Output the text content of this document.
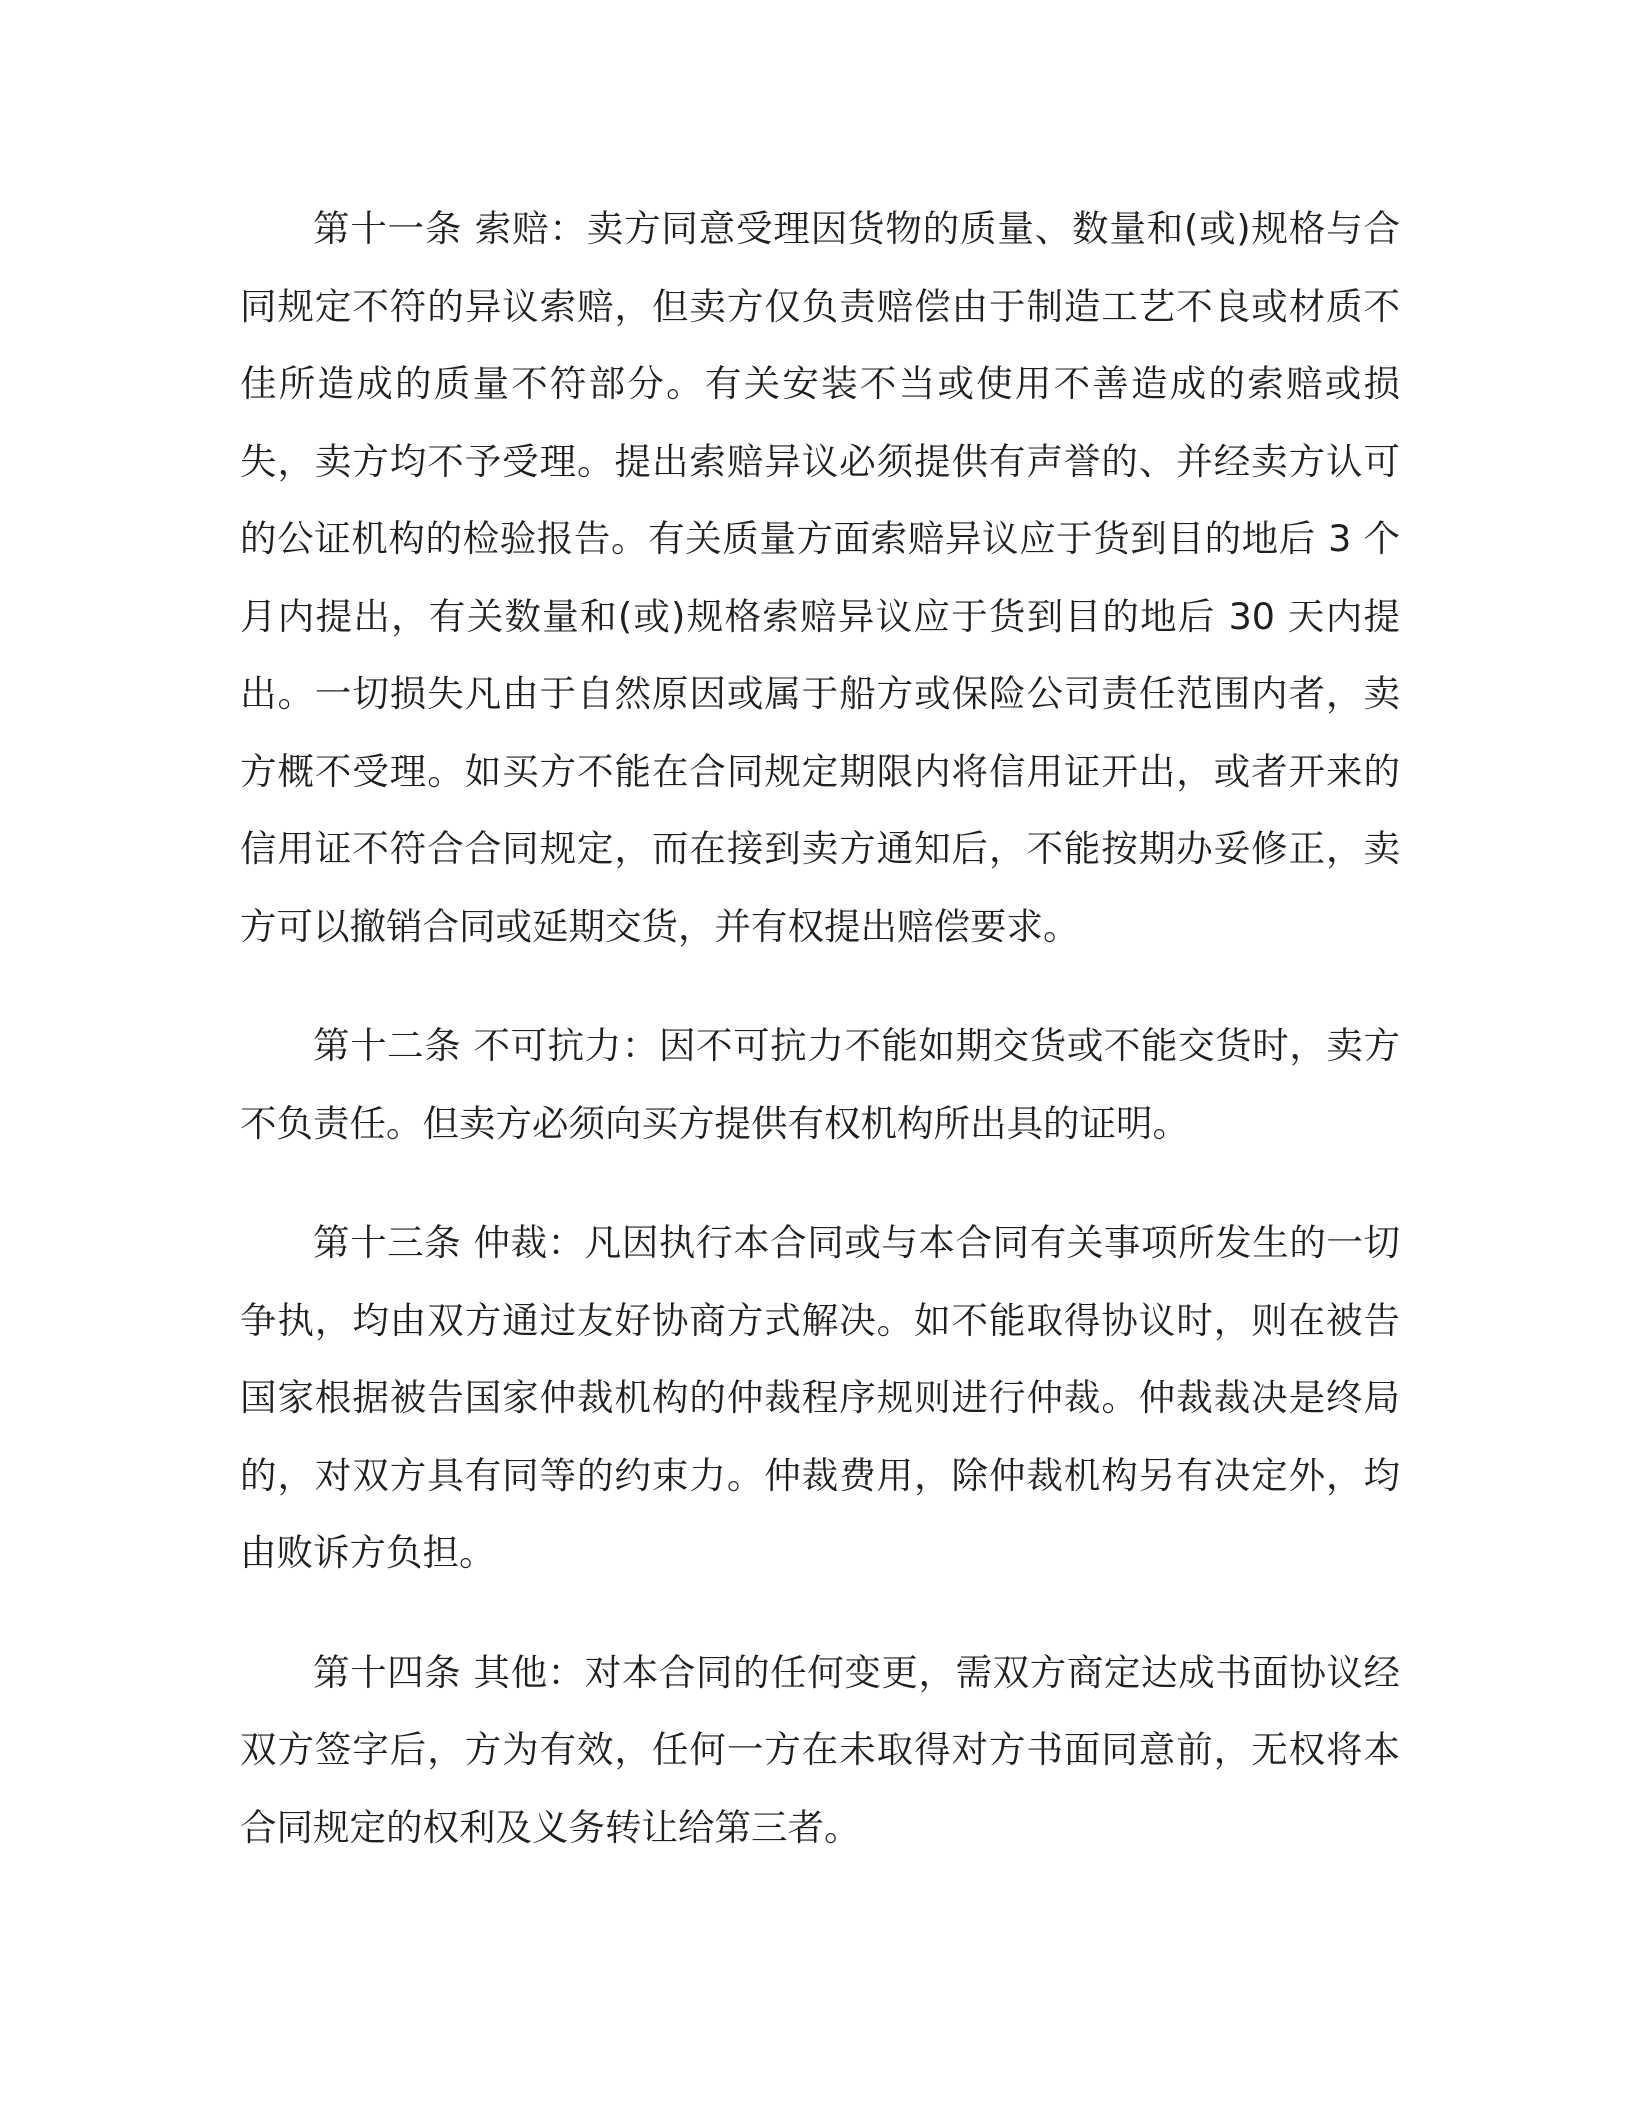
第十一条 索赔：卖方同意受理因货物的质量、数量和(或)规格与合同规定不符的异议索赔，但卖方仅负责赔偿由于制造工艺不良或材质不佳所造成的质量不符部分。有关安装不当或使用不善造成的索赔或损失，卖方均不予受理。提出索赔异议必须提供有声誉的、并经卖方认可的公证机构的检验报告。有关质量方面索赔异议应于货到目的地后 3 个月内提出，有关数量和(或)规格索赔异议应于货到目的地后 30 天内提出。一切损失凡由于自然原因或属于船方或保险公司责任范围内者，卖方概不受理。如买方不能在合同规定期限内将信用证开出，或者开来的信用证不符合合同规定，而在接到卖方通知后，不能按期办妥修正，卖方可以撤销合同或延期交货，并有权提出赔偿要求。

第十二条 不可抗力：因不可抗力不能如期交货或不能交货时，卖方不负责任。但卖方必须向买方提供有权机构所出具的证明。

第十三条 仲裁：凡因执行本合同或与本合同有关事项所发生的一切争执，均由双方通过友好协商方式解决。如不能取得协议时，则在被告国家根据被告国家仲裁机构的仲裁程序规则进行仲裁。仲裁裁决是终局的，对双方具有同等的约束力。仲裁费用，除仲裁机构另有决定外，均由败诉方负担。

第十四条 其他：对本合同的任何变更，需双方商定达成书面协议经双方签字后，方为有效，任何一方在未取得对方书面同意前，无权将本合同规定的权利及义务转让给第三者。
